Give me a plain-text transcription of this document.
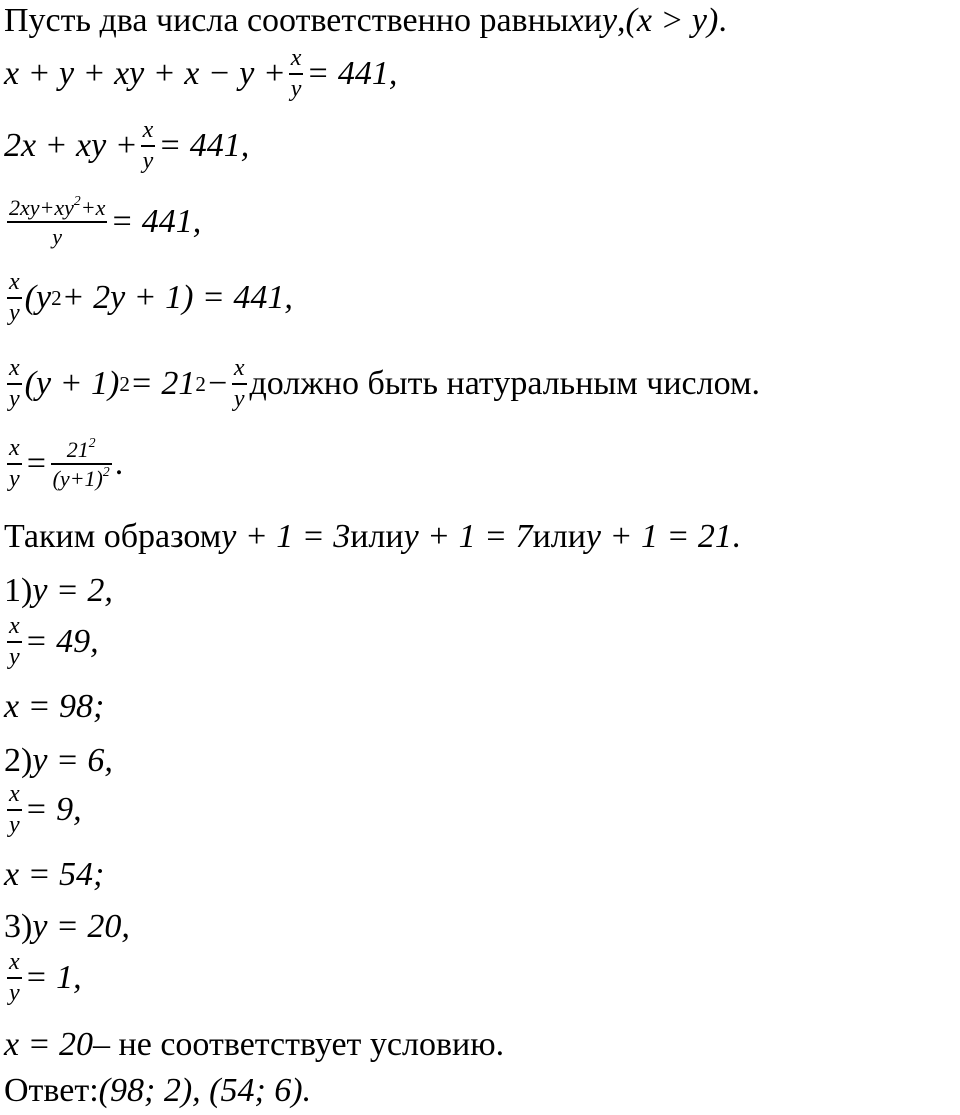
Пусть два числа соответственно равны x и y , (x > y) .
x + y + xy + $x - y + \frac{x}{y} = 441$,
2x + xy + $\frac{x}{y} = 441$,
$\frac{2xy+xy^2+x}{y} = 441$,
$\frac{x}{y} (y$ 2 + 2y + 1) = 441,
$\frac{x}{y} (y + 1) 2 = 21$ $2 - \frac{x}{y}$ должно быть натуральным числом.
$\frac{x}{y} = \frac{21^2}{(y+1)^2}$ .
Таким образом y + 1 = 3 или y + 1 = 7 или y + 1 = 21 .
1) y = 2,
$\frac{x}{y} = 49$,
x = 98;
2) y = 6,
$\frac{x}{y} = 9$,
x = 54;
3) y = 20,
$\frac{x}{y} = 1$,
x = 20 – не соответствует условию.
Ответ: (98; 2), (54; 6).
